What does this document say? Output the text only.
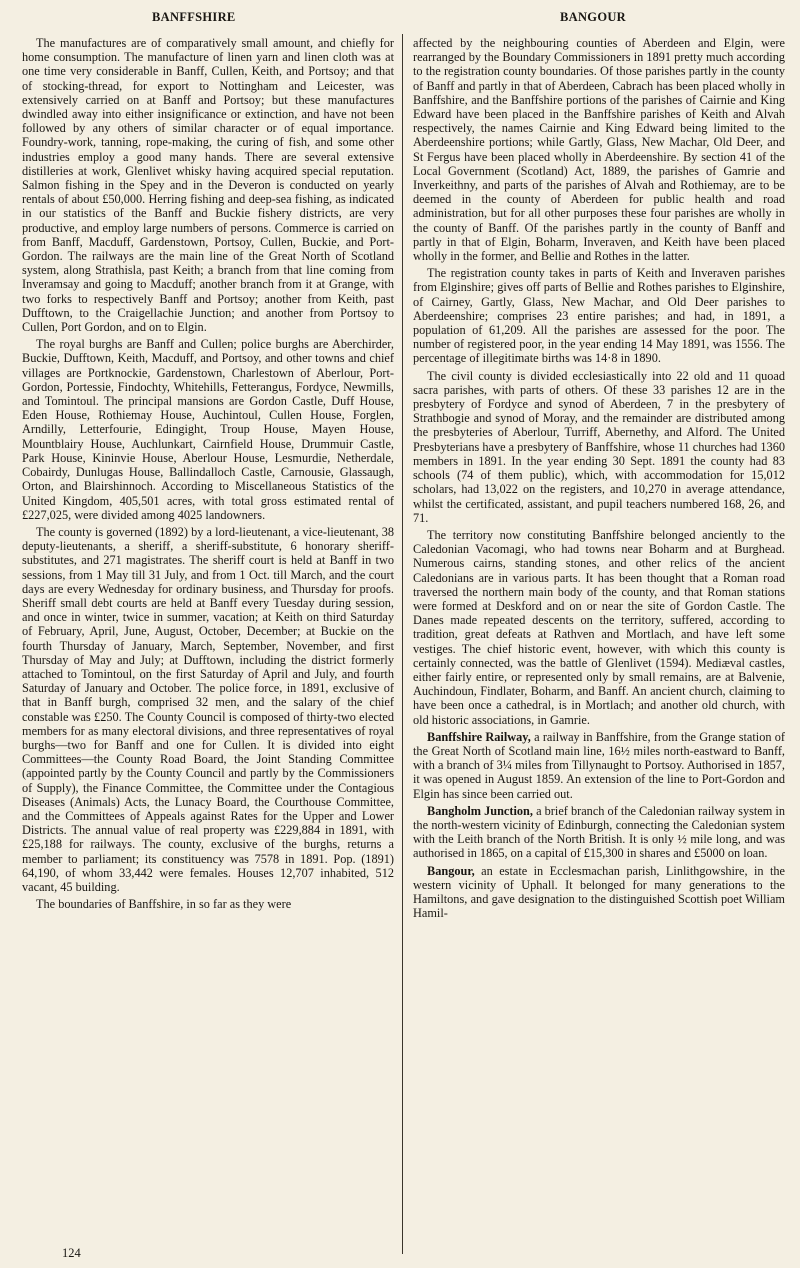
BANFFSHIRE	BANGOUR

The manufactures are of comparatively small amount, and chiefly for home consumption. The manufacture of linen yarn and linen cloth was at one time very considerable in Banff, Cullen, Keith, and Portsoy; and that of stocking-thread, for export to Nottingham and Leicester, was extensively carried on at Banff and Portsoy; but these manufactures dwindled away into either insignificance or extinction, and have not been followed by any others of similar character or of equal importance. Foundry-work, tanning, rope-making, the curing of fish, and some other industries employ a good many hands. There are several extensive distilleries at work, Glenlivet whisky having acquired special reputation. Salmon fishing in the Spey and in the Deveron is conducted on yearly rentals of about £50,000. Herring fishing and deep-sea fishing, as indicated in our statistics of the Banff and Buckie fishery districts, are very productive, and employ large numbers of persons. Commerce is carried on from Banff, Macduff, Gardenstown, Portsoy, Cullen, Buckie, and Port-Gordon. The railways are the main line of the Great North of Scotland system, along Strathisla, past Keith; a branch from that line coming from Inveramsay and going to Macduff; another branch from it at Grange, with two forks to respectively Banff and Portsoy; another from Keith, past Dufftown, to the Craigellachie Junction; and another from Portsoy to Cullen, Port Gordon, and on to Elgin.

The royal burghs are Banff and Cullen; police burghs are Aberchirder, Buckie, Dufftown, Keith, Macduff, and Portsoy, and other towns and chief villages are Portknockie, Gardenstown, Charlestown of Aberlour, Port-Gordon, Portessie, Findochty, Whitehills, Fetterangus, Fordyce, Newmills, and Tomintoul. The principal mansions are Gordon Castle, Duff House, Eden House, Rothiemay House, Auchintoul, Cullen House, Forglen, Arndilly, Letterfourie, Edingight, Troup House, Mayen House, Mountblairy House, Auchlunkart, Cairnfield House, Drummuir Castle, Park House, Kininvie House, Aberlour House, Lesmurdie, Netherdale, Cobairdy, Dunlugas House, Ballindalloch Castle, Carnousie, Glassaugh, Orton, and Blairshinnoch. According to Miscellaneous Statistics of the United Kingdom, 405,501 acres, with total gross estimated rental of £227,025, were divided among 4025 landowners.

The county is governed (1892) by a lord-lieutenant, a vice-lieutenant, 38 deputy-lieutenants, a sheriff, a sheriff-substitute, 6 honorary sheriff-substitutes, and 271 magistrates. The sheriff court is held at Banff in two sessions, from 1 May till 31 July, and from 1 Oct. till March, and the court days are every Wednesday for ordinary business, and Thursday for proofs. Sheriff small debt courts are held at Banff every Tuesday during session, and once in winter, twice in summer, vacation; at Keith on third Saturday of February, April, June, August, October, December; at Buckie on the fourth Thursday of January, March, September, November, and first Thursday of May and July; at Dufftown, including the district formerly attached to Tomintoul, on the first Saturday of April and July, and fourth Saturday of January and October. The police force, in 1891, exclusive of that in Banff burgh, comprised 32 men, and the salary of the chief constable was £250. The County Council is composed of thirty-two elected members for as many electoral divisions, and three representatives of royal burghs—two for Banff and one for Cullen. It is divided into eight Committees—the County Road Board, the Joint Standing Committee (appointed partly by the County Council and partly by the Commissioners of Supply), the Finance Committee, the Committee under the Contagious Diseases (Animals) Acts, the Lunacy Board, the Courthouse Committee, and the Committees of Appeals against Rates for the Upper and Lower Districts. The annual value of real property was £229,884 in 1891, with £25,188 for railways. The county, exclusive of the burghs, returns a member to parliament; its constituency was 7578 in 1891. Pop. (1891) 64,190, of whom 33,442 were females. Houses 12,707 inhabited, 512 vacant, 45 building.

The boundaries of Banffshire, in so far as they were

affected by the neighbouring counties of Aberdeen and Elgin, were rearranged by the Boundary Commissioners in 1891 pretty much according to the registration county boundaries. Of those parishes partly in the county of Banff and partly in that of Aberdeen, Cabrach has been placed wholly in Banffshire, and the Banffshire portions of the parishes of Cairnie and King Edward have been placed in the Banffshire parishes of Keith and Alvah respectively, the names Cairnie and King Edward being limited to the Aberdeenshire portions; while Gartly, Glass, New Machar, Old Deer, and St Fergus have been placed wholly in Aberdeenshire. By section 41 of the Local Government (Scotland) Act, 1889, the parishes of Gamrie and Inverkeithny, and parts of the parishes of Alvah and Rothiemay, are to be deemed in the county of Aberdeen for public health and road administration, but for all other purposes these four parishes are wholly in the county of Banff. Of the parishes partly in the county of Banff and partly in that of Elgin, Boharm, Inveraven, and Keith have been placed wholly in the former, and Bellie and Rothes in the latter.

The registration county takes in parts of Keith and Inveraven parishes from Elginshire; gives off parts of Bellie and Rothes parishes to Elginshire, of Cairney, Gartly, Glass, New Machar, and Old Deer parishes to Aberdeenshire; comprises 23 entire parishes; and had, in 1891, a population of 61,209. All the parishes are assessed for the poor. The number of registered poor, in the year ending 14 May 1891, was 1556. The percentage of illegitimate births was 14·8 in 1890.

The civil county is divided ecclesiastically into 22 old and 11 quoad sacra parishes, with parts of others. Of these 33 parishes 12 are in the presbytery of Fordyce and synod of Aberdeen, 7 in the presbytery of Strathbogie and synod of Moray, and the remainder are distributed among the presbyteries of Aberlour, Turriff, Abernethy, and Alford. The United Presbyterians have a presbytery of Banffshire, whose 11 churches had 1360 members in 1891. In the year ending 30 Sept. 1891 the county had 83 schools (74 of them public), which, with accommodation for 15,012 scholars, had 13,022 on the registers, and 10,270 in average attendance, whilst the certificated, assistant, and pupil teachers numbered 168, 26, and 71.

The territory now constituting Banffshire belonged anciently to the Caledonian Vacomagi, who had towns near Boharm and at Burghead. Numerous cairns, standing stones, and other relics of the ancient Caledonians are in various parts. It has been thought that a Roman road traversed the northern main body of the county, and that Roman stations were formed at Deskford and on or near the site of Gordon Castle. The Danes made repeated descents on the territory, suffered, according to tradition, great defeats at Rathven and Mortlach, and have left some vestiges. The chief historic event, however, with which this county is certainly connected, was the battle of Glenlivet (1594). Mediæval castles, either fairly entire, or represented only by small remains, are at Balvenie, Auchindoun, Findlater, Boharm, and Banff. An ancient church, claiming to have been once a cathedral, is in Mortlach; and another old church, with old historic associations, in Gamrie.

Banffshire Railway, a railway in Banffshire, from the Grange station of the Great North of Scotland main line, 16½ miles north-eastward to Banff, with a branch of 3¼ miles from Tillynaught to Portsoy. Authorised in 1857, it was opened in August 1859. An extension of the line to Port-Gordon and Elgin has since been carried out.

Bangholm Junction, a brief branch of the Caledonian railway system in the north-western vicinity of Edinburgh, connecting the Caledonian system with the Leith branch of the North British. It is only ½ mile long, and was authorised in 1865, on a capital of £15,300 in shares and £5000 on loan.

Bangour, an estate in Ecclesmachan parish, Linlithgowshire, in the western vicinity of Uphall. It belonged for many generations to the Hamiltons, and gave designation to the distinguished Scottish poet William Hamil-

124
